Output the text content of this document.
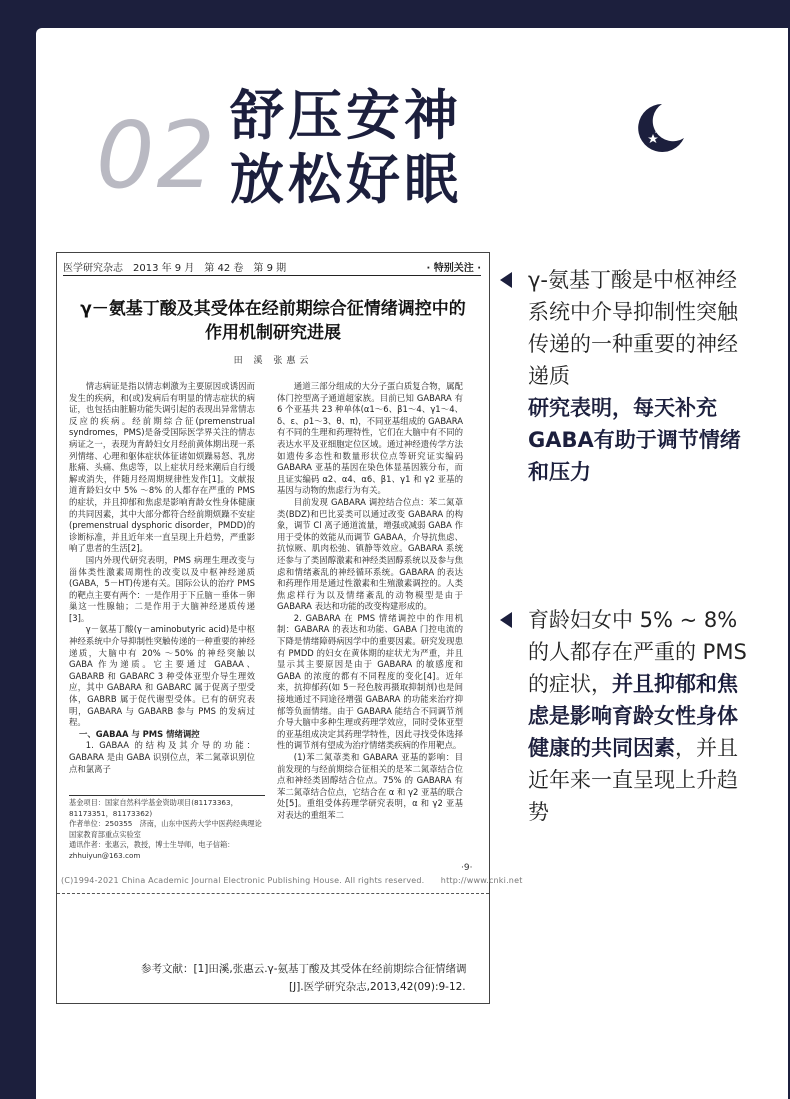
02 舒压安神
放松好眠
医学研究杂志　2013 年 9 月　第 42 卷　第 9 期	· 特别关注 ·
γ－氨基丁酸及其受体在经前期综合征情绪调控中的
作用机制研究进展
田 溪 张惠云

情志病证是指以情志刺激为主要原因或诱因而发生的疾病，和(或)发病后有明显的情志症状的病证，也包括由脏腑功能失调引起的表现出异常情志反应的疾病。经前期综合征(premenstrual syndromes，PMS)是备受国际医学界关注的情志病证之一，表现为育龄妇女月经前黄体期出现一系列情绪、心理和躯体症状体征诸如烦躁易怒、乳房胀痛、头痛、焦虑等，以上症状月经来潮后自行缓解或消失，伴随月经周期规律性发作[1]。文献报道育龄妇女中 5% ～8% 的人都存在严重的 PMS 的症状，并且抑郁和焦虑是影响育龄女性身体健康的共同因素，其中大部分都符合经前期烦躁不安症(premenstrual dysphoric disorder，PMDD)的诊断标准，并且近年来一直呈现上升趋势，严重影响了患者的生活[2]。

国内外现代研究表明，PMS 病理生理改变与甾体类性激素周期性的改变以及中枢神经递质(GABA，5－HT)传递有关。国际公认的治疗 PMS 的靶点主要有两个：一是作用于下丘脑－垂体－卵巢这一性腺轴；二是作用于大脑神经递质传递[3]。

γ－氨基丁酸(γ－aminobutyric acid)是中枢神经系统中介导抑制性突触传递的一种重要的神经递质，大脑中有 20% ～50% 的神经突触以 GABA 作为递质。它主要通过 GABAA、GABARB 和 GABARC 3 种受体亚型介导生理效应，其中 GABARA 和 GABARC 属于促离子型受体，GABRB 属于促代谢型受体。已有的研究表明，GABARA 与 GABARB 参与 PMS 的发病过程。

一、GABAA 与 PMS 情绪调控

1. GABAA 的结构及其介导的功能：GABARA 是由 GABA 识别位点，苯二氮䓬识别位点和氯离子

通道三部分组成的大分子蛋白质复合物，属配体门控型离子通道超家族。目前已知 GABARA 有 6 个亚基共 23 种单体(α1～6、β1～4、γ1～4、δ、ε、ρ1～3、θ、π)，不同亚基组成的 GABARA 有不同的生理和药理特性，它们在大脑中有不同的表达水平及亚细胞定位区域。通过神经遗传学方法如遗传多态性和数量形状位点等研究证实编码 GABARA 亚基的基因在染色体显基因簇分布，而且证实编码 α2、α4、α6、β1、γ1 和 γ2 亚基的基因与动物的焦虑行为有关。

目前发现 GABARA 调控结合位点：苯二氮䓬类(BDZ)和巴比妥类可以通过改变 GABARA 的构象，调节 Cl 离子通道流量，增强或减弱 GABA 作用于受体的效能从而调节 GABAA，介导抗焦虑、抗惊厥、肌肉松弛、镇静等效应。GABARA 系统还参与了类固醇激素和神经类固醇系统以及参与焦虑和情绪紊乱的神经循环系统。GABARA 的表达和药理作用是通过性激素和生殖激素调控的。人类焦虑样行为以及情绪紊乱的动物模型是由于 GABARA 表达和功能的改变构建形成的。

2. GABARA 在 PMS 情绪调控中的作用机制：GABARA 的表达和功能、GABA 门控电流的下降是情绪障碍病因学中的重要因素。研究发现患有 PMDD 的妇女在黄体期的症状尤为严重，并且显示其主要原因是由于 GABARA 的敏感度和 GABA 的浓度的都有不同程度的变化[4]。近年来，抗抑郁药(如 5－羟色胺再摄取抑制剂)也是间接地通过不同途径增强 GABARA 的功能来治疗抑郁等负面情绪。由于 GABARA 能结合不同调节剂介导大脑中多种生理或药理学效应，同时受体亚型的亚基组成决定其药理学特性，因此寻找受体选择性的调节剂有望成为治疗情绪类疾病的作用靶点。

(1)苯二氮䓬类和 GABARA 亚基的影响：目前发现的与经前期综合征相关的是苯二氮䓬结合位点和神经类固醇结合位点。75% 的 GABARA 有苯二氮䓬结合位点，它结合在 α 和 γ2 亚基的联合处[5]。重组受体药理学研究表明，α 和 γ2 亚基对表达的重组苯二

基金项目：国家自然科学基金资助项目(81173363，81173351，81173362)

作者单位：250355　济南，山东中医药大学中医药经典理论国家教育部重点实验室

通讯作者：张惠云，教授，博士生导师，电子信箱：zhhuiyun@163.com

·9·
(C)1994-2021 China Academic Journal Electronic Publishing House. All rights reserved.　　http://www.cnki.net
参考文献：[1]田溪,张惠云.γ-氨基丁酸及其受体在经前期综合征情绪调
[J].医学研究杂志,2013,42(09):9-12.
γ-氨基丁酸是中枢神经系统中介导抑制性突触传递的一种重要的神经递质
研究表明，每天补充GABA有助于调节情绪和压力
育龄妇女中 5% ~ 8% 的人都存在严重的 PMS 的症状，并且抑郁和焦虑是影响育龄女性身体健康的共同因素，并且近年来一直呈现上升趋势
